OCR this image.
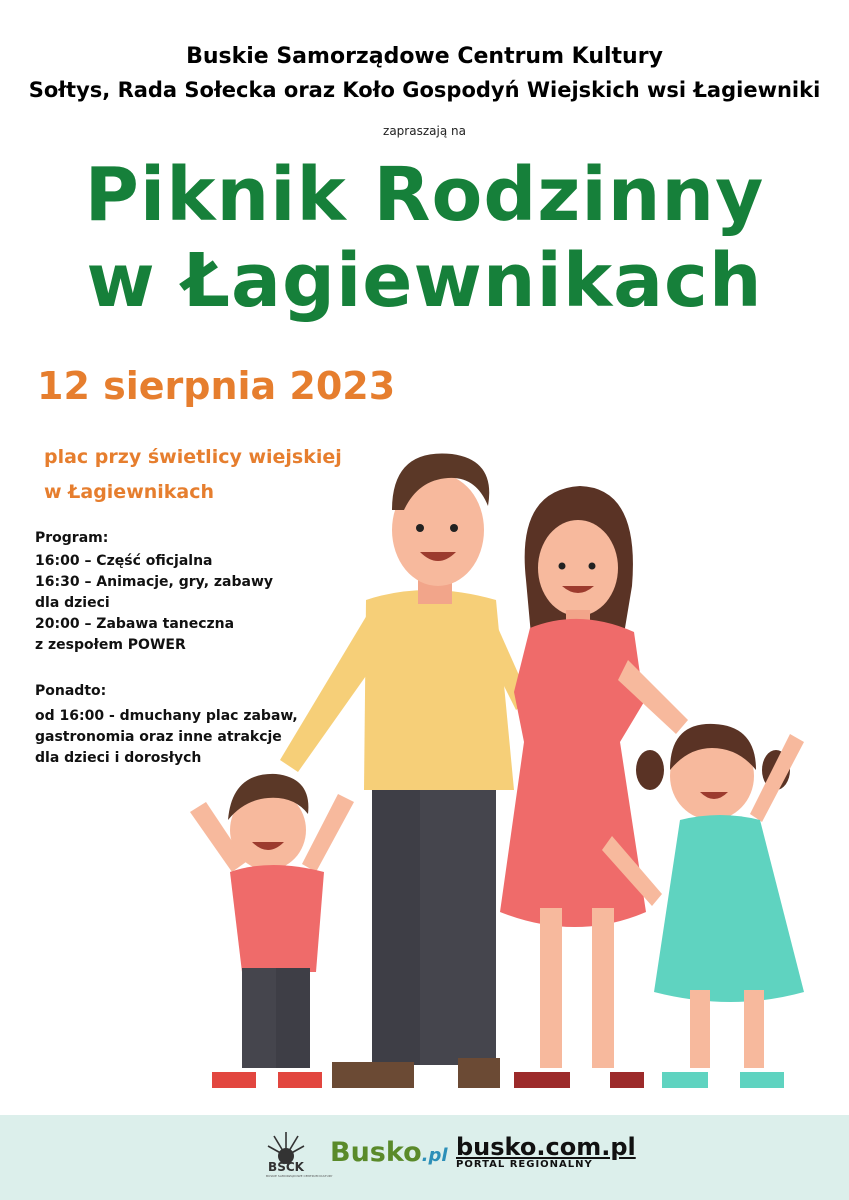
Buskie Samorządowe Centrum Kultury
Sołtys, Rada Sołecka oraz Koło Gospodyń Wiejskich wsi Łagiewniki
zapraszają na
Piknik Rodzinny
w Łagiewnikach
12 sierpnia 2023
plac przy świetlicy wiejskiej
w Łagiewnikach
Program:
16:00 – Część oficjalna
16:30 – Animacje, gry, zabawy
dla dzieci
20:00 – Zabawa taneczna
z zespołem POWER
Ponadto:
od 16:00 - dmuchany plac zabaw,
gastronomia oraz inne atrakcje
dla dzieci i dorosłych
BSCK
BUSKIE SAMORZĄDOWE CENTRUM KULTURY
Busko.pl busko.com.pl
PORTAL REGIONALNY
